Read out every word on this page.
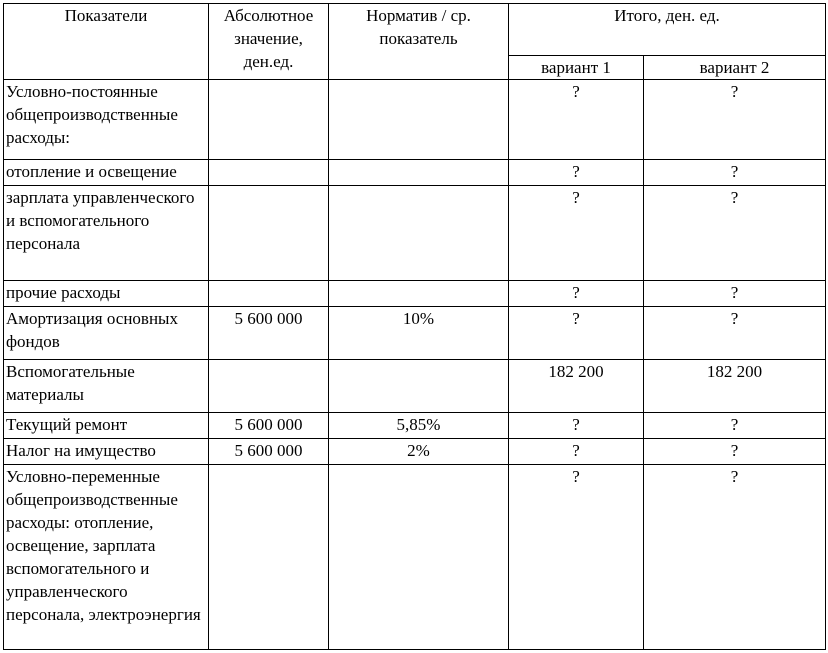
Показатели	Абсолютное значение, ден.ед.	Норматив / ср. показатель	Итого, ден. ед.	
			вариант 1	вариант 2
Условно-постоянные общепроизводственные расходы:			?	?
отопление и освещение			?	?
зарплата управленческого и вспомогательного персонала			?	?
прочие расходы			?	?
Амортизация основных фондов	5 600 000	10%	?	?
Вспомогательные материалы			182 200	182 200
Текущий ремонт	5 600 000	5,85%	?	?
Налог на имущество	5 600 000	2%	?	?
Условно-переменные общепроизводственные расходы: отопление, освещение, зарплата вспомогательного и управленческого персонала, электроэнергия			?	?
